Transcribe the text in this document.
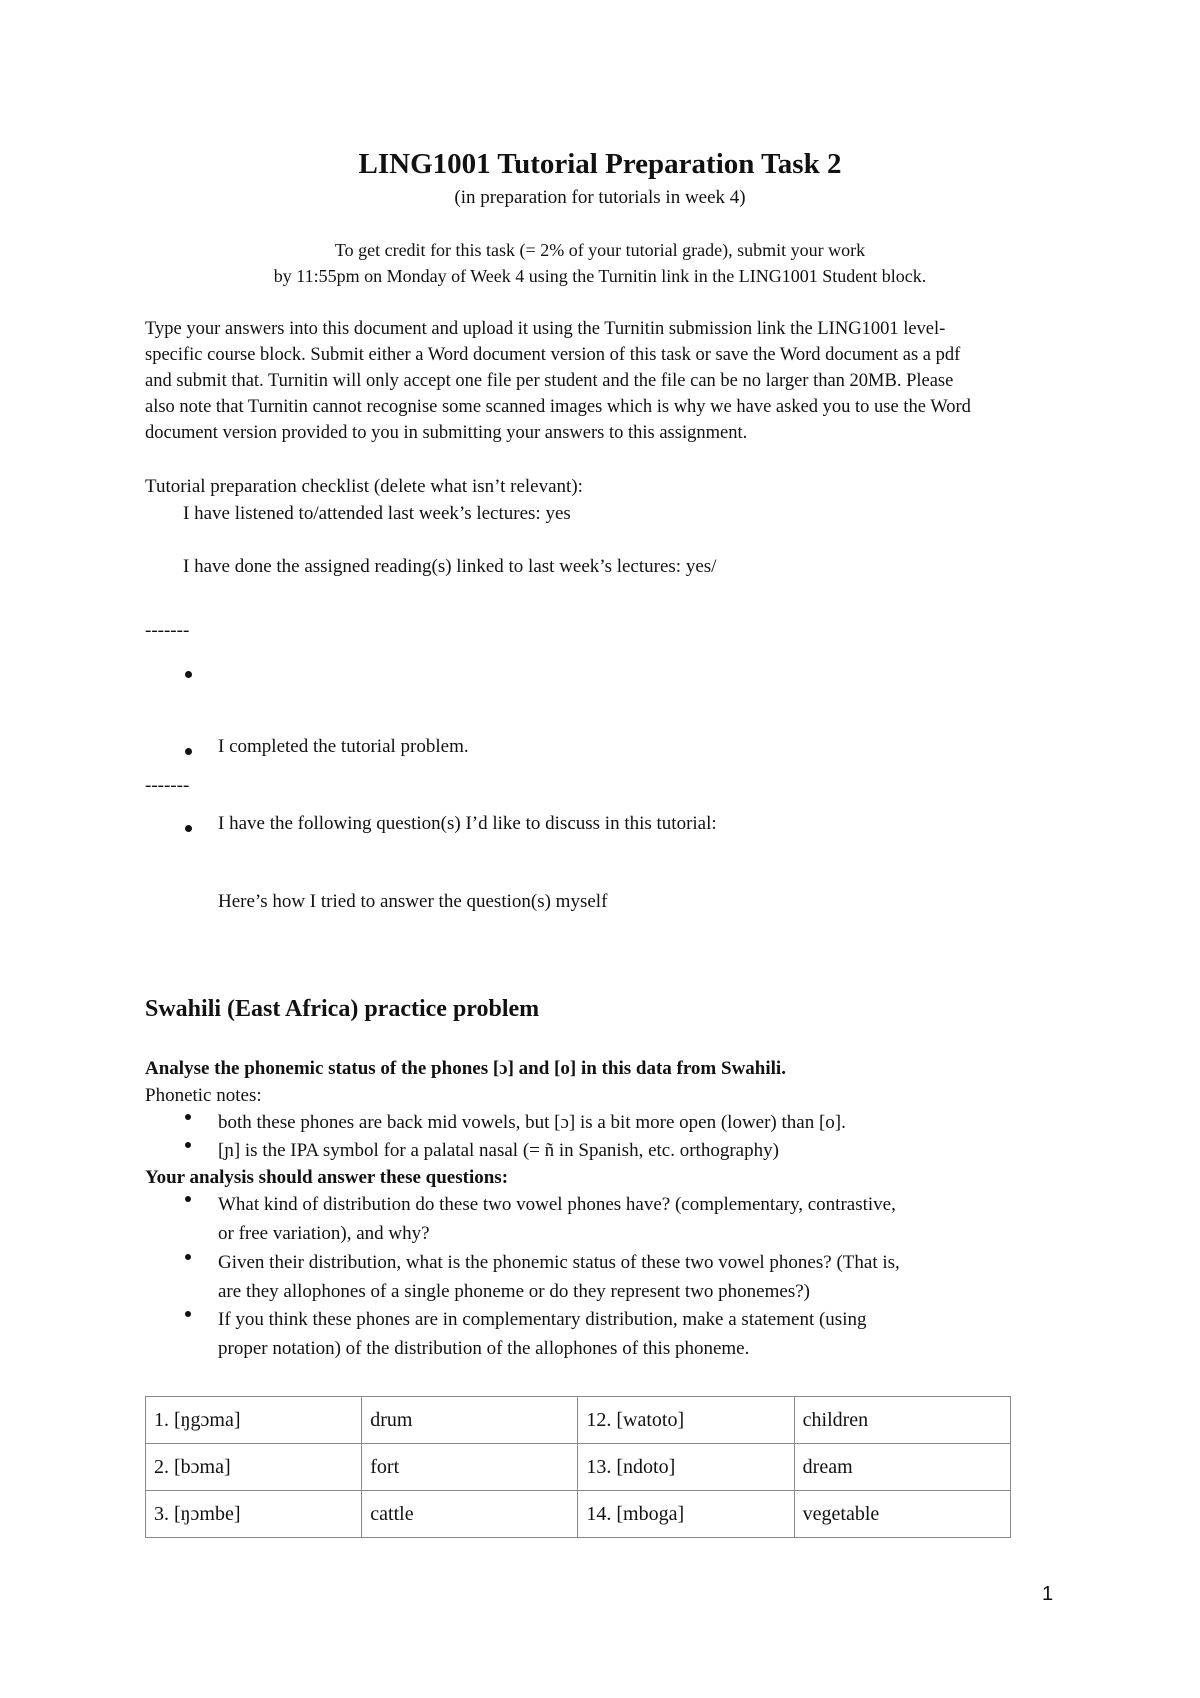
LING1001 Tutorial Preparation Task 2
(in preparation for tutorials in week 4)
To get credit for this task (= 2% of your tutorial grade), submit your work
by 11:55pm on Monday of Week 4 using the Turnitin link in the LING1001 Student block.

Type your answers into this document and upload it using the Turnitin submission link the LING1001 level-

specific course block. Submit either a Word document version of this task or save the Word document as a pdf

and submit that. Turnitin will only accept one file per student and the file can be no larger than 20MB. Please

also note that Turnitin cannot recognise some scanned images which is why we have asked you to use the Word

document version provided to you in submitting your answers to this assignment.

Tutorial preparation checklist (delete what isn’t relevant):
I have listened to/attended last week’s lectures: yes
I have done the assigned reading(s) linked to last week’s lectures: yes/
-------
I completed the tutorial problem.
-------
I have the following question(s) I’d like to discuss in this tutorial:
Here’s how I tried to answer the question(s) myself
Swahili (East Africa) practice problem
Analyse the phonemic status of the phones [ɔ] and [o] in this data from Swahili.
Phonetic notes:
both these phones are back mid vowels, but [ɔ] is a bit more open (lower) than [o].
[ɲ] is the IPA symbol for a palatal nasal (= ñ in Spanish, etc. orthography)
Your analysis should answer these questions:
What kind of distribution do these two vowel phones have? (complementary, contrastive,
or free variation), and why?
Given their distribution, what is the phonemic status of these two vowel phones? (That is,
are they allophones of a single phoneme or do they represent two phonemes?)
If you think these phones are in complementary distribution, make a statement (using
proper notation) of the distribution of the allophones of this phoneme.
1. [ŋgɔma]	drum	12. [watoto]	children
2. [bɔma]	fort	13. [ndoto]	dream
3. [ŋɔmbe]	cattle	14. [mboga]	vegetable
1
